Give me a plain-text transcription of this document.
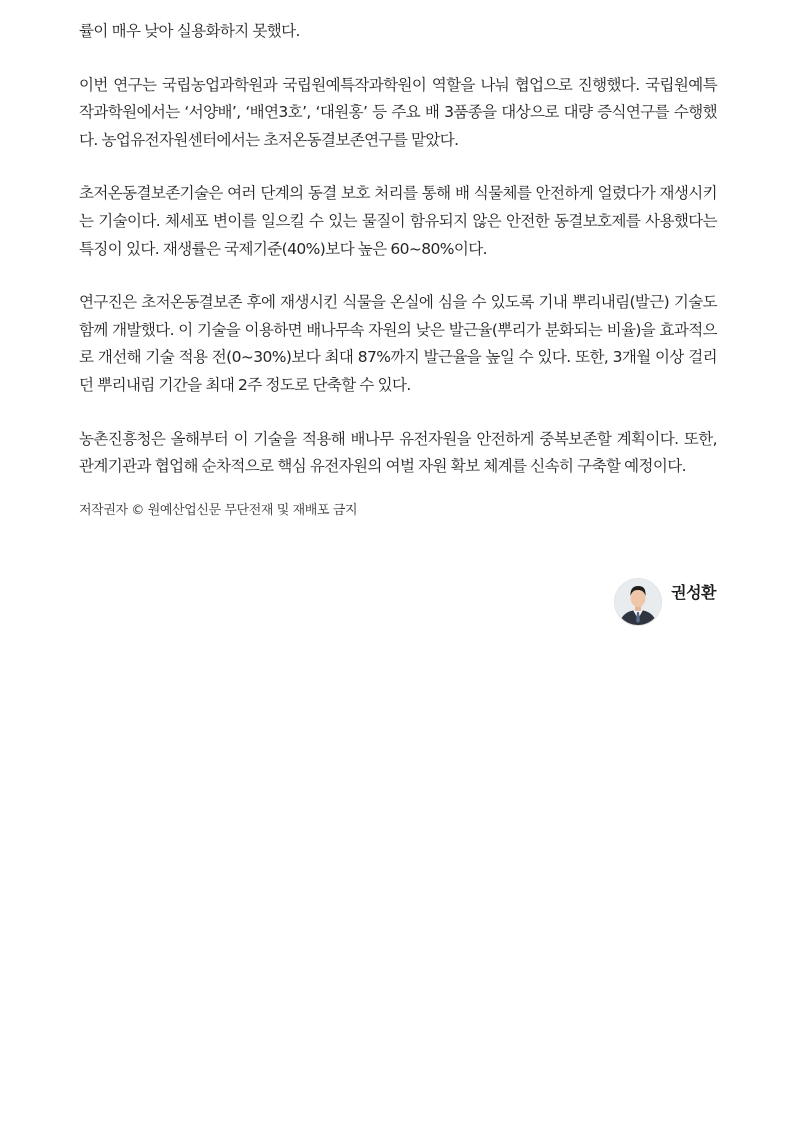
률이 매우 낮아 실용화하지 못했다.

이번 연구는 국립농업과학원과 국립원예특작과학원이 역할을 나눠 협업으로 진행했다. 국립원예특작과학원에서는 ‘서양배’, ‘배연3호’, ‘대원홍’ 등 주요 배 3품종을 대상으로 대량 증식연구를 수행했다. 농업유전자원센터에서는 초저온동결보존연구를 맡았다.

초저온동결보존기술은 여러 단계의 동결 보호 처리를 통해 배 식물체를 안전하게 얼렸다가 재생시키는 기술이다. 체세포 변이를 일으킬 수 있는 물질이 함유되지 않은 안전한 동결보호제를 사용했다는 특징이 있다. 재생률은 국제기준(40%)보다 높은 60~80%이다.

연구진은 초저온동결보존 후에 재생시킨 식물을 온실에 심을 수 있도록 기내 뿌리내림(발근) 기술도 함께 개발했다. 이 기술을 이용하면 배나무속 자원의 낮은 발근율(뿌리가 분화되는 비율)을 효과적으로 개선해 기술 적용 전(0~30%)보다 최대 87%까지 발근율을 높일 수 있다. 또한, 3개월 이상 걸리던 뿌리내림 기간을 최대 2주 정도로 단축할 수 있다.

농촌진흥청은 올해부터 이 기술을 적용해 배나무 유전자원을 안전하게 중복보존할 계획이다. 또한, 관계기관과 협업해 순차적으로 핵심 유전자원의 여벌 자원 확보 체계를 신속히 구축할 예정이다.

저작권자 © 원예산업신문 무단전재 및 재배포 금지

권성환
